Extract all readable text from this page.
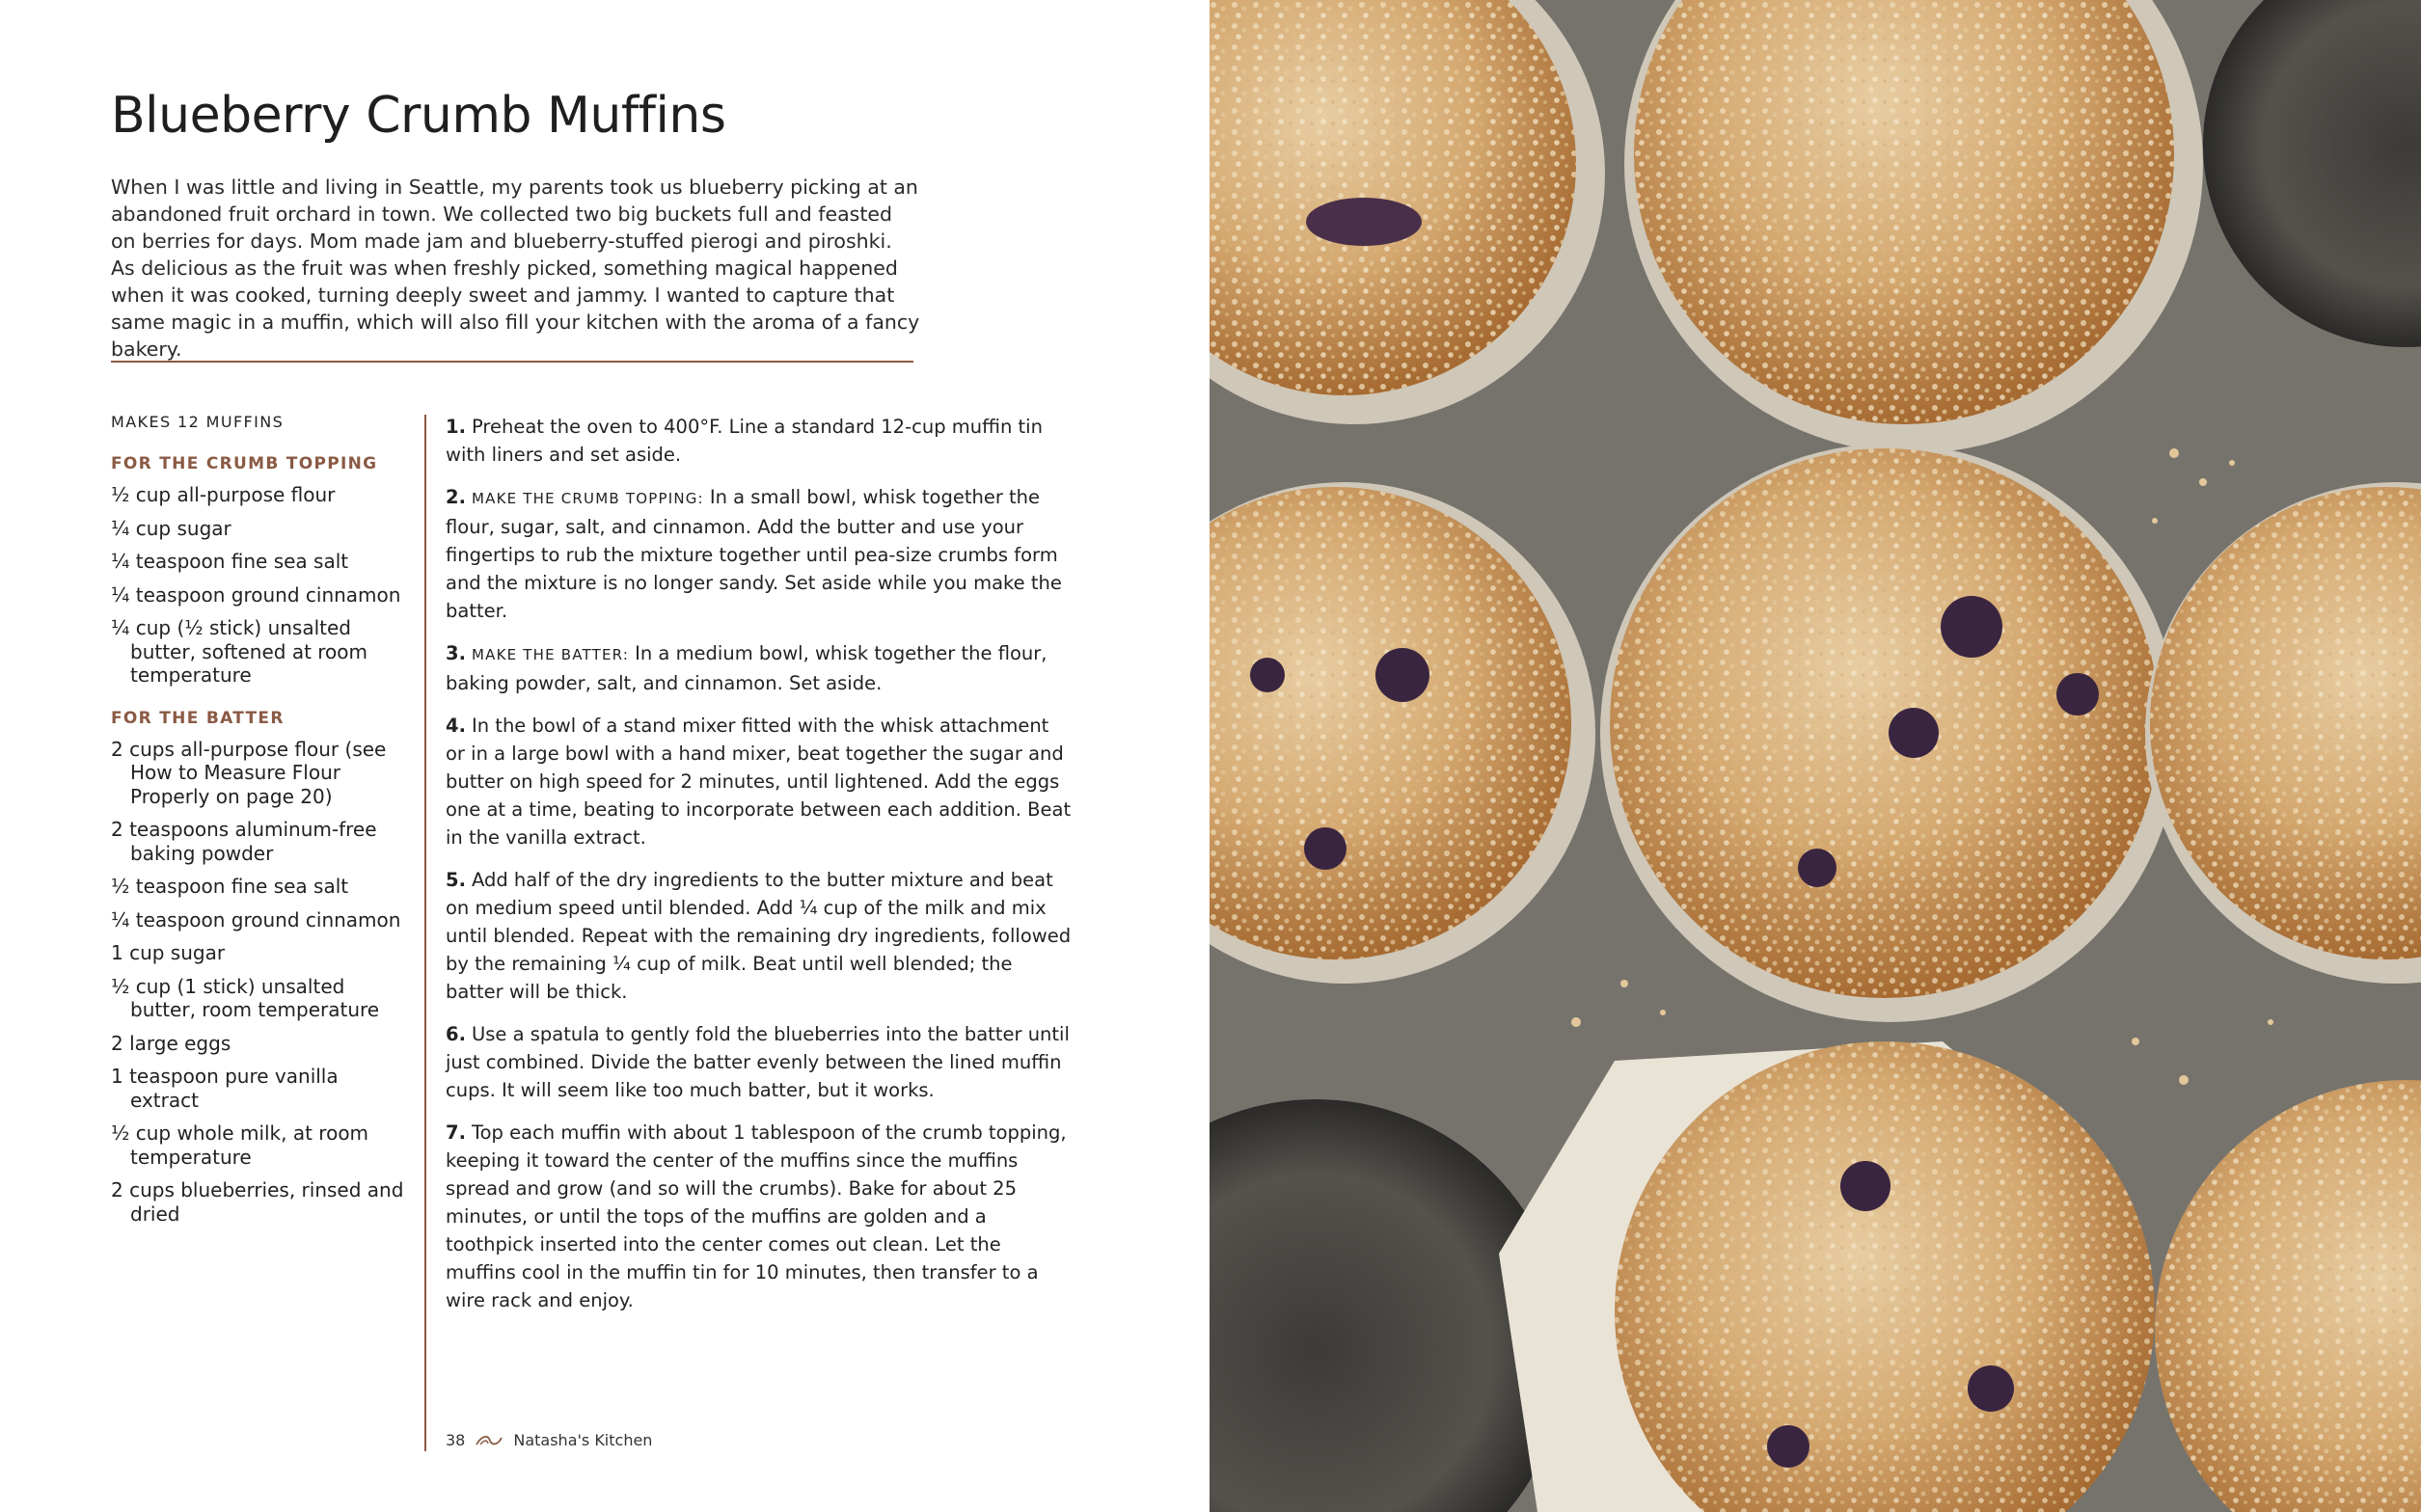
Blueberry Crumb Muffins

When I was little and living in Seattle, my parents took us blueberry picking at an abandoned fruit orchard in town. We collected two big buckets full and feasted on berries for days. Mom made jam and blueberry-stuffed pierogi and piroshki. As delicious as the fruit was when freshly picked, something magical happened when it was cooked, turning deeply sweet and jammy. I wanted to capture that same magic in a muffin, which will also fill your kitchen with the aroma of a fancy bakery.

MAKES 12 MUFFINS
FOR THE CRUMB TOPPING
½ cup all-purpose flour
¼ cup sugar
¼ teaspoon fine sea salt
¼ teaspoon ground cinnamon
¼ cup (½ stick) unsalted butter, softened at room temperature
FOR THE BATTER
2 cups all-purpose flour (see How to Measure Flour Properly on page 20)
2 teaspoons aluminum-free baking powder
½ teaspoon fine sea salt
¼ teaspoon ground cinnamon
1 cup sugar
½ cup (1 stick) unsalted butter, room temperature
2 large eggs
1 teaspoon pure vanilla extract
½ cup whole milk, at room temperature
2 cups blueberries, rinsed and dried

1. Preheat the oven to 400°F. Line a standard 12-cup muffin tin with liners and set aside.

2. MAKE THE CRUMB TOPPING: In a small bowl, whisk together the flour, sugar, salt, and cinnamon. Add the butter and use your fingertips to rub the mixture together until pea-size crumbs form and the mixture is no longer sandy. Set aside while you make the batter.

3. MAKE THE BATTER: In a medium bowl, whisk together the flour, baking powder, salt, and cinnamon. Set aside.

4. In the bowl of a stand mixer fitted with the whisk attachment or in a large bowl with a hand mixer, beat together the sugar and butter on high speed for 2 minutes, until lightened. Add the eggs one at a time, beating to incorporate between each addition. Beat in the vanilla extract.

5. Add half of the dry ingredients to the butter mixture and beat on medium speed until blended. Add ¼ cup of the milk and mix until blended. Repeat with the remaining dry ingredients, followed by the remaining ¼ cup of milk. Beat until well blended; the batter will be thick.

6. Use a spatula to gently fold the blueberries into the batter until just combined. Divide the batter evenly between the lined muffin cups. It will seem like too much batter, but it works.

7. Top each muffin with about 1 tablespoon of the crumb topping, keeping it toward the center of the muffins since the muffins spread and grow (and so will the crumbs). Bake for about 25 minutes, or until the tops of the muffins are golden and a toothpick inserted into the center comes out clean. Let the muffins cool in the muffin tin for 10 minutes, then transfer to a wire rack and enjoy.

38	Natasha's Kitchen
